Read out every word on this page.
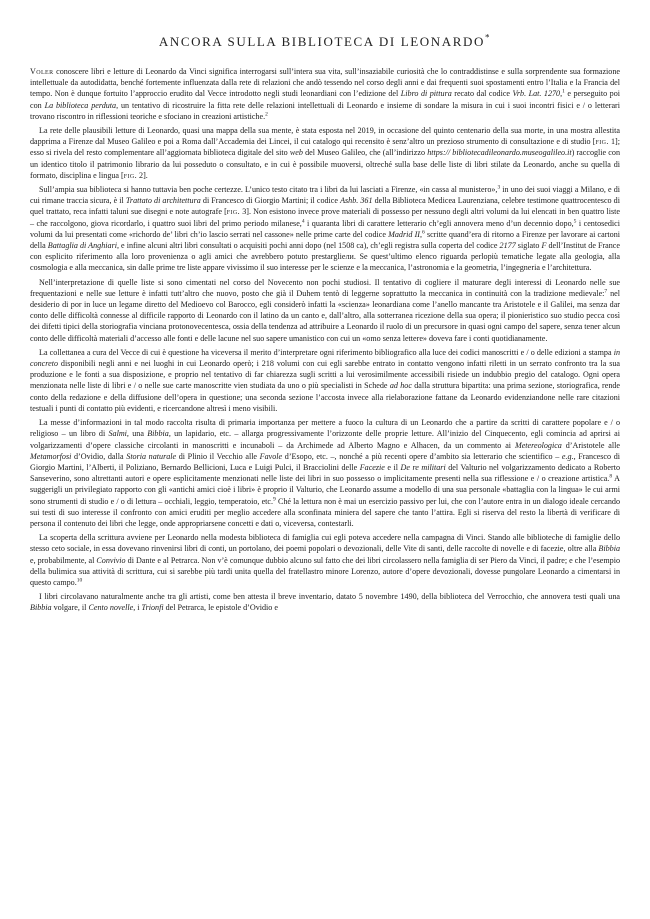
ANCORA SULLA BIBLIOTECA DI LEONARDO*

Voler conoscere libri e letture di Leonardo da Vinci significa interrogarsi sull’intera sua vita, sull’insaziabile curiosità che lo contraddistinse e sulla sorprendente sua formazione intellettuale da autodidatta, benché fortemente influenzata dalla rete di relazioni che andò tessendo nel corso degli anni e dai frequenti suoi spostamenti entro l’Italia e la Francia del tempo. Non è dunque fortuito l’approccio erudito dal Vecce introdotto negli studi leonardiani con l’edizione del Libro di pittura recato dal codice Vrb. Lat. 1270,$^1$ e perseguito poi con La biblioteca perduta, un tentativo di ricostruire la fitta rete delle relazioni intellettuali di Leonardo e insieme di sondare la misura in cui i suoi incontri fisici e / o letterari trovano riscontro in riflessioni teoriche e sfociano in creazioni artistiche.$^2$

La rete delle plausibili letture di Leonardo, quasi una mappa della sua mente, è stata esposta nel 2019, in occasione del quinto centenario della sua morte, in una mostra allestita dapprima a Firenze dal Museo Galileo e poi a Roma dall’Accademia dei Lincei, il cui catalogo qui recensito è senz’altro un prezioso strumento di consultazione e di studio [fig. 1]; esso si rivela del resto complementare all’aggiornata biblioteca digitale del sito web del Museo Galileo, che (all’indirizzo https:// bibliotecadileonardo.museogalileo.it) raccoglie con un identico titolo il patrimonio librario da lui posseduto o consultato, e in cui è possibile muoversi, oltreché sulla base delle liste di libri stilate da Leonardo, anche su quella di formato, disciplina e lingua [fig. 2].

Sull’ampia sua biblioteca si hanno tuttavia ben poche certezze. L’unico testo citato tra i libri da lui lasciati a Firenze, «in cassa al munistero»,$^3$ in uno dei suoi viaggi a Milano, e di cui rimane traccia sicura, è il Trattato di architettura di Francesco di Giorgio Martini; il codice Ashb. 361 della Biblioteca Medicea Laurenziana, celebre testimone quattrocentesco di quel trattato, reca infatti taluni sue disegni e note autografe [fig. 3]. Non esistono invece prove materiali di possesso per nessuno degli altri volumi da lui elencati in ben quattro liste – che raccolgono, giova ricordarlo, i quattro suoi libri del primo periodo milanese,$^4$ i quaranta libri di carattere letterario ch’egli annovera meno d’un decennio dopo,$^5$ i centosedici volumi da lui presentati come «richordo de’ libri ch’io lascio serrati nel cassone» nelle prime carte del codice Madrid II,$^6$ scritte quand’era di ritorno a Firenze per lavorare ai cartoni della Battaglia di Anghiari, e infine alcuni altri libri consultati o acquisiti pochi anni dopo (nel 1508 ca), ch’egli registra sulla coperta del codice 2177 siglato F dell’Institut de France con esplicito riferimento alla loro provenienza o agli amici che avrebbero potuto prestargliели. Se quest’ultimo elenco riguarda perlopiù tematiche legate alla geologia, alla cosmologia e alla meccanica, sin dalle prime tre liste appare vivissimo il suo interesse per le scienze e la meccanica, l’astronomia e la geometria, l’ingegneria e l’architettura.

Nell’interpretazione di quelle liste si sono cimentati nel corso del Novecento non pochi studiosi. Il tentativo di cogliere il maturare degli interessi di Leonardo nelle sue frequentazioni e nelle sue letture è infatti tutt’altro che nuovo, posto che già il Duhem tentò di leggerne soprattutto la meccanica in continuità con la tradizione medievale:$^7$ nel desiderio di por in luce un legame diretto del Medioevo col Barocco, egli considerò infatti la «scienza» leonardiana come l’anello mancante tra Aristotele e il Galilei, ma senza dar conto delle difficoltà connesse al difficile rapporto di Leonardo con il latino da un canto e, dall’altro, alla sotterranea ricezione della sua opera; il pionieristico suo studio pecca così dei difetti tipici della storiografia vinciana protonovecentesca, ossia della tendenza ad attribuire a Leonardo il ruolo di un precursore in quasi ogni campo del sapere, senza tener alcun conto delle difficoltà materiali d’accesso alle fonti e delle lacune nel suo sapere umanistico con cui un «omo senza lettere» doveva fare i conti quotidianamente.

La collettanea a cura del Vecce di cui è questione ha viceversa il merito d’interpretare ogni riferimento bibliografico alla luce dei codici manoscritti e / o delle edizioni a stampa in concreto disponibili negli anni e nei luoghi in cui Leonardo operò; i 218 volumi con cui egli sarebbe entrato in contatto vengono infatti riletti in un serrato confronto tra la sua produzione e le fonti a sua disposizione, e proprio nel tentativo di far chiarezza sugli scritti a lui verosimilmente accessibili risiede un indubbio pregio del catalogo. Ogni opera menzionata nelle liste di libri e / o nelle sue carte manoscritte vien studiata da uno o più specialisti in Schede ad hoc dalla struttura bipartita: una prima sezione, storiografica, rende conto della redazione e della diffusione dell’opera in questione; una seconda sezione l’accosta invece alla rielaborazione fattane da Leonardo evidenziandone nelle rare citazioni testuali i punti di contatto più evidenti, e ricercandone altresì i meno visibili.

La messe d’informazioni in tal modo raccolta risulta di primaria importanza per mettere a fuoco la cultura di un Leonardo che a partire da scritti di carattere popolare e / o religioso – un libro di Salmi, una Bibbia, un lapidario, etc. – allarga progressivamente l’orizzonte delle proprie letture. All’inizio del Cinquecento, egli comincia ad aprirsi ai volgarizzamenti d’opere classiche circolanti in manoscritti e incunaboli – da Archimede ad Alberto Magno e Alhacen, da un commento ai Metereologica d’Aristotele alle Metamorfosi d’Ovidio, dalla Storia naturale di Plinio il Vecchio alle Favole d’Esopo, etc. –, nonché a più recenti opere d’ambito sia letterario che scientifico – e.g., Francesco di Giorgio Martini, l’Alberti, il Poliziano, Bernardo Bellicioni, Luca e Luigi Pulci, il Bracciolini delle Facezie e il De re militari del Valturio nel volgarizzamento dedicato a Roberto Sanseverino, sono altrettanti autori e opere esplicitamente menzionati nelle liste dei libri in suo possesso o implicitamente presenti nella sua riflessione e / o creazione artistica.$^8$ A suggerigli un privilegiato rapporto con gli «antichi amici cioè i libri» è proprio il Valturio, che Leonardo assume a modello di una sua personale «battaglia con la lingua» le cui armi sono strumenti di studio e / o di lettura – occhiali, leggio, temperatoio, etc.$^9$ Ché la lettura non è mai un esercizio passivo per lui, che con l’autore entra in un dialogo ideale cercando sui testi di suo interesse il confronto con amici eruditi per meglio accedere alla sconfinata miniera del sapere che tanto l’attira. Egli si riserva del resto la libertà di verificare di persona il contenuto dei libri che legge, onde appropriarsene concetti e dati o, viceversa, contestarli.

La scoperta della scrittura avviene per Leonardo nella modesta biblioteca di famiglia cui egli poteva accedere nella campagna di Vinci. Stando alle biblioteche di famiglie dello stesso ceto sociale, in essa dovevano rinvenirsi libri di conti, un portolano, dei poemi popolari o devozionali, delle Vite di santi, delle raccolte di novelle e di facezie, oltre alla Bibbia e, probabilmente, al Convivio di Dante e al Petrarca. Non v’è comunque dubbio alcuno sul fatto che dei libri circolassero nella famiglia di ser Piero da Vinci, il padre; e che l’esempio della bulimica sua attività di scrittura, cui si sarebbe più tardi unita quella del fratellastro minore Lorenzo, autore d’opere devozionali, dovesse pungolare Leonardo a cimentarsi in questo campo.$^{10}$

I libri circolavano naturalmente anche tra gli artisti, come ben attesta il breve inventario, datato 5 novembre 1490, della biblioteca del Verrocchio, che annovera testi quali una Bibbia volgare, il Cento novelle, i Trionfi del Petrarca, le epistole d’Ovidio e
